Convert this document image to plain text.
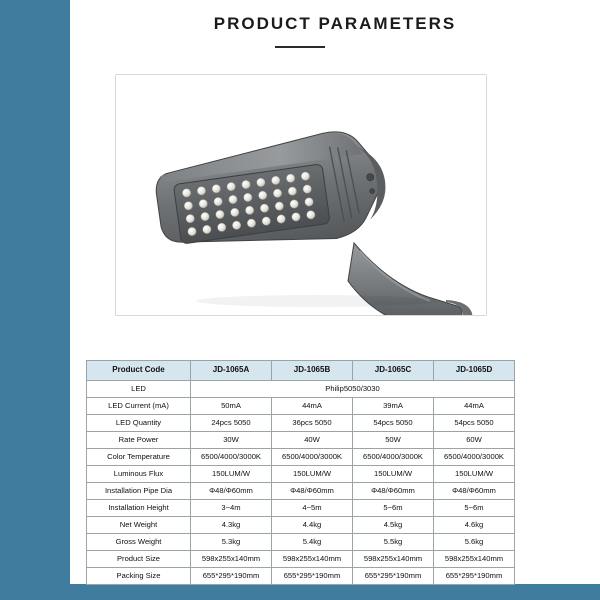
PRODUCT PARAMETERS
Product Code	JD-1065A	JD-1065B	JD-1065C	JD-1065D
LED	Philip5050/3030			
LED Current (mA)	50mA	44mA	39mA	44mA
LED Quantity	24pcs 5050	36pcs 5050	54pcs 5050	54pcs 5050
Rate Power	30W	40W	50W	60W
Color Temperature	6500/4000/3000K	6500/4000/3000K	6500/4000/3000K	6500/4000/3000K
Luminous Flux	150LUM/W	150LUM/W	150LUM/W	150LUM/W
Installation Pipe Dia	Φ48/Φ60mm	Φ48/Φ60mm	Φ48/Φ60mm	Φ48/Φ60mm
Installation Height	3~4m	4~5m	5~6m	5~6m
Net Weight	4.3kg	4.4kg	4.5kg	4.6kg
Gross Weight	5.3kg	5.4kg	5.5kg	5.6kg
Product Size	598x255x140mm	598x255x140mm	598x255x140mm	598x255x140mm
Packing Size	655*295*190mm	655*295*190mm	655*295*190mm	655*295*190mm
